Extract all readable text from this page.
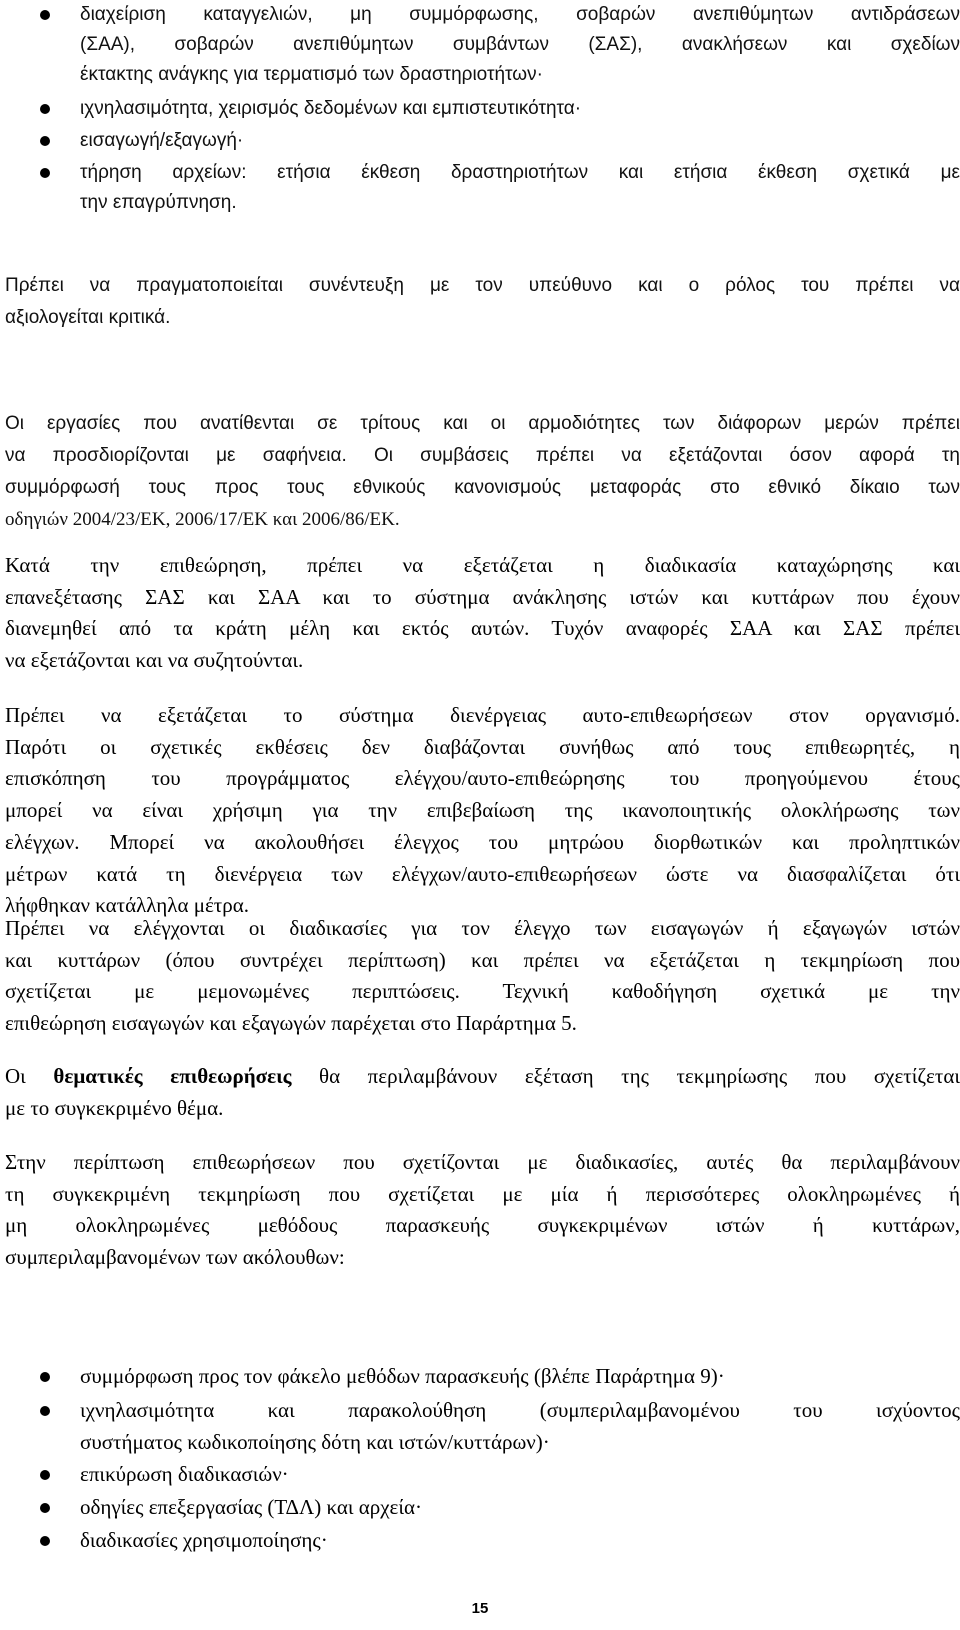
διαχείριση καταγγελιών, μη συμμόρφωσης, σοβαρών ανεπιθύμητων αντιδράσεων
(ΣΑΑ), σοβαρών ανεπιθύμητων συμβάντων (ΣΑΣ), ανακλήσεων και σχεδίων
έκτακτης ανάγκης για τερματισμό των δραστηριοτήτων·
ιχνηλασιμότητα, χειρισμός δεδομένων και εμπιστευτικότητα·
εισαγωγή/εξαγωγή·
τήρηση αρχείων: ετήσια έκθεση δραστηριοτήτων και ετήσια έκθεση σχετικά με
την επαγρύπνηση.

Πρέπει να πραγματοποιείται συνέντευξη με τον υπεύθυνο και ο ρόλος του πρέπει να
αξιολογείται κριτικά.

Οι εργασίες που ανατίθενται σε τρίτους και οι αρμοδιότητες των διάφορων μερών πρέπει
να προσδιορίζονται με σαφήνεια. Οι συμβάσεις πρέπει να εξετάζονται όσον αφορά τη
συμμόρφωσή τους προς τους εθνικούς κανονισμούς μεταφοράς στο εθνικό δίκαιο των
οδηγιών 2004/23/ΕΚ, 2006/17/ΕΚ και 2006/86/ΕΚ.

Κατά την επιθεώρηση, πρέπει να εξετάζεται η διαδικασία καταχώρησης και
επανεξέτασης ΣΑΣ και ΣΑΑ και το σύστημα ανάκλησης ιστών και κυττάρων που έχουν
διανεμηθεί από τα κράτη μέλη και εκτός αυτών. Τυχόν αναφορές ΣΑΑ και ΣΑΣ πρέπει
να εξετάζονται και να συζητούνται.

Πρέπει να εξετάζεται το σύστημα διενέργειας αυτο-επιθεωρήσεων στον οργανισμό.
Παρότι οι σχετικές εκθέσεις δεν διαβάζονται συνήθως από τους επιθεωρητές, η
επισκόπηση του προγράμματος ελέγχου/αυτο-επιθεώρησης του προηγούμενου έτους
μπορεί να είναι χρήσιμη για την επιβεβαίωση της ικανοποιητικής ολοκλήρωσης των
ελέγχων. Μπορεί να ακολουθήσει έλεγχος του μητρώου διορθωτικών και προληπτικών
μέτρων κατά τη διενέργεια των ελέγχων/αυτο-επιθεωρήσεων ώστε να διασφαλίζεται ότι
λήφθηκαν κατάλληλα μέτρα.

Πρέπει να ελέγχονται οι διαδικασίες για τον έλεγχο των εισαγωγών ή εξαγωγών ιστών
και κυττάρων (όπου συντρέχει περίπτωση) και πρέπει να εξετάζεται η τεκμηρίωση που
σχετίζεται με μεμονωμένες περιπτώσεις. Τεχνική καθοδήγηση σχετικά με την
επιθεώρηση εισαγωγών και εξαγωγών παρέχεται στο Παράρτημα 5.

Οι θεματικές επιθεωρήσεις θα περιλαμβάνουν εξέταση της τεκμηρίωσης που σχετίζεται
με το συγκεκριμένο θέμα.

Στην περίπτωση επιθεωρήσεων που σχετίζονται με διαδικασίες, αυτές θα περιλαμβάνουν
τη συγκεκριμένη τεκμηρίωση που σχετίζεται με μία ή περισσότερες ολοκληρωμένες ή
μη ολοκληρωμένες μεθόδους παρασκευής συγκεκριμένων ιστών ή κυττάρων,
συμπεριλαμβανομένων των ακόλουθων:

συμμόρφωση προς τον φάκελο μεθόδων παρασκευής (βλέπε Παράρτημα 9)·
ιχνηλασιμότητα και παρακολούθηση (συμπεριλαμβανομένου του ισχύοντος
συστήματος κωδικοποίησης δότη και ιστών/κυττάρων)·
επικύρωση διαδικασιών·
οδηγίες επεξεργασίας (ΤΔΛ) και αρχεία·
διαδικασίες χρησιμοποίησης·
15
